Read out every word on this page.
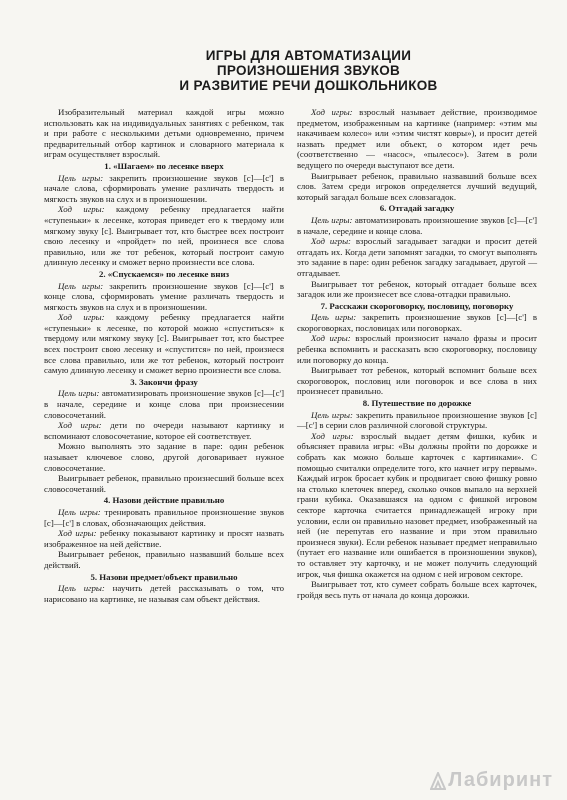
ИГРЫ ДЛЯ АВТОМАТИЗАЦИИ
ПРОИЗНОШЕНИЯ ЗВУКОВ
И РАЗВИТИЕ РЕЧИ ДОШКОЛЬНИКОВ

Изобразительный материал каждой игры можно использовать как на индивидуальных занятиях с ребенком, так и при работе с несколькими детьми одновременно, причем предварительный отбор картинок и словарного материала к играм осуществляет взрослый.

1. «Шагаем» по лесенке вверх

Цель игры: закрепить произношение звуков [с]—[с'] в начале слова, сформировать умение различать твердость и мягкость звуков на слух и в произношении.

Ход игры: каждому ребенку предлагается найти «ступеньки» к лесенке, которая приведет его к твердому или мягкому звуку [с]. Выигрывает тот, кто быстрее всех построит свою лесенку и «пройдет» по ней, произнеся все слова правильно, или же тот ребенок, который построит самую длинную лесенку и сможет верно произнести все слова.

2. «Спускаемся» по лесенке вниз

Цель игры: закрепить произношение звуков [с]—[с'] в конце слова, сформировать умение различать твердость и мягкость звуков на слух и в произношении.

Ход игры: каждому ребенку предлагается найти «ступеньки» к лесенке, по которой можно «спуститься» к твердому или мягкому звуку [с]. Выигрывает тот, кто быстрее всех построит свою лесенку и «спустится» по ней, произнеся все слова правильно, или же тот ребенок, который построит самую длинную лесенку и сможет верно произнести все слова.

3. Закончи фразу

Цель игры: автоматизировать произношение звуков [с]—[с'] в начале, середине и конце слова при произнесении словосочетаний.

Ход игры: дети по очереди называют картинку и вспоминают словосочетание, которое ей соответствует.

Можно выполнять это задание в паре: один ребенок называет ключевое слово, другой договаривает нужное словосочетание.

Выигрывает ребенок, правильно произнесший больше всех словосочетаний.

4. Назови действие правильно

Цель игры: тренировать правильное произношение звуков [с]—[с'] в словах, обозначающих действия.

Ход игры: ребенку показывают картинку и просят назвать изображенное на ней действие.

Выигрывает ребенок, правильно назвавший больше всех действий.

5. Назови предмет/объект правильно

Цель игры: научить детей рассказывать о том, что нарисовано на картинке, не называя сам объект действия.

Ход игры: взрослый называет действие, производимое предметом, изображенным на картинке (например: «этим мы накачиваем колесо» или «этим чистят ковры»), и просит детей назвать предмет или объект, о котором идет речь (соответственно — «насос», «пылесос»). Затем в роли ведущего по очереди выступают все дети.

Выигрывает ребенок, правильно назвавший больше всех слов. Затем среди игроков определяется лучший ведущий, который загадал больше всех словзагадок.

6. Отгадай загадку

Цель игры: автоматизировать произношение звуков [с]—[с'] в начале, середине и конце слова.

Ход игры: взрослый загадывает загадки и просит детей отгадать их. Когда дети запомнят загадки, то смогут выполнять это задание в паре: один ребенок загадку загадывает, другой — отгадывает.

Выигрывает тот ребенок, который отгадает больше всех загадок или же произнесет все слова-отгадки правильно.

7. Расскажи скороговорку, пословицу, поговорку

Цель игры: закрепить произношение звуков [с]—[с'] в скороговорках, пословицах или поговорках.

Ход игры: взрослый произносит начало фразы и просит ребенка вспомнить и рассказать всю скороговорку, пословицу или поговорку до конца.

Выигрывает тот ребенок, который вспомнит больше всех скороговорок, пословиц или поговорок и все слова в них произнесет правильно.

8. Путешествие по дорожке

Цель игры: закрепить правильное произношение звуков [с]—[с'] в серии слов различной слоговой структуры.

Ход игры: взрослый выдает детям фишки, кубик и объясняет правила игры: «Вы должны пройти по дорожке и собрать как можно больше карточек с картинками». С помощью считалки определите того, кто начнет игру первым». Каждый игрок бросает кубик и продвигает свою фишку ровно на столько клеточек вперед, сколько очков выпало на верхней грани кубика. Оказавшаяся на одном с фишкой игровом секторе карточка считается принадлежащей игроку при условии, если он правильно назовет предмет, изображенный на ней (не перепутав его название и при этом правильно произнеся звуки). Если ребенок называет предмет неправильно (путает его название или ошибается в произношении звуков), то оставляет эту карточку, и не может получить следующий игрок, чья фишка окажется на одном с ней игровом секторе.

Выигрывает тот, кто сумеет собрать больше всех карточек, гройдя весь путь от начала до конца дорожки.

Лабиринт
